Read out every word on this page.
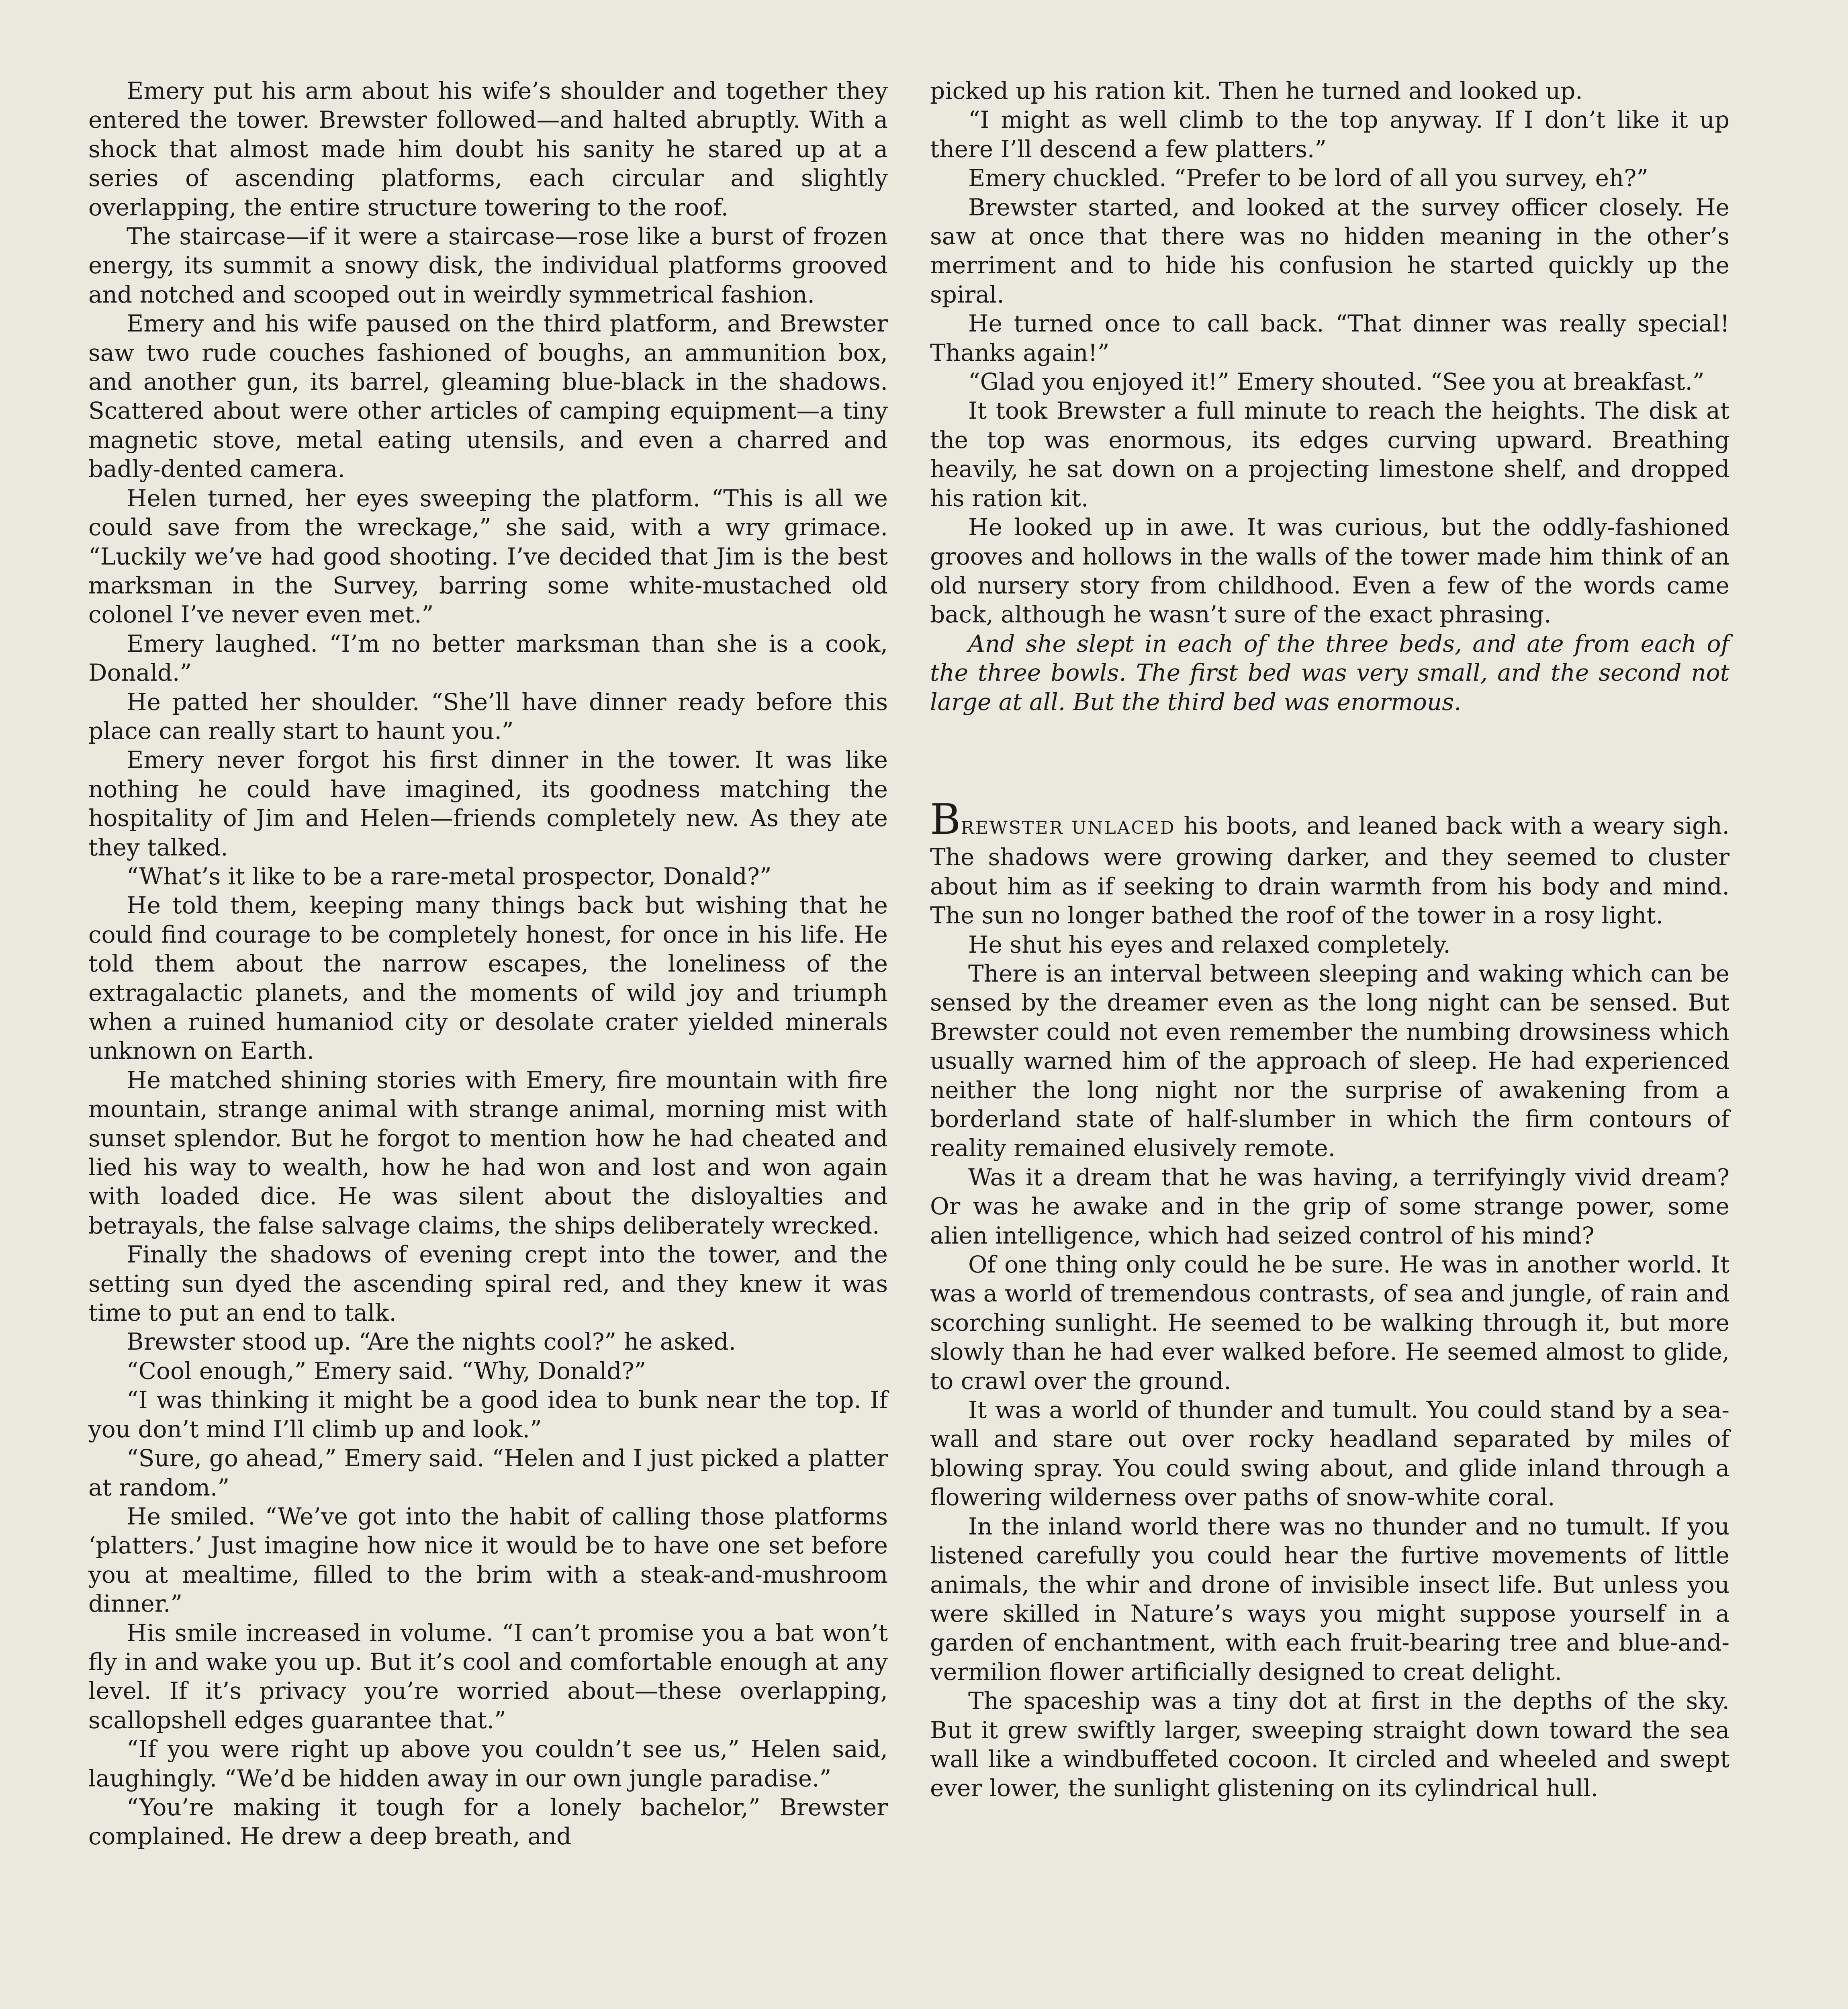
Emery put his arm about his wife’s shoulder and together they entered the tower. Brewster followed—and halted abruptly. With a shock that almost made him doubt his sanity he stared up at a series of ascending platforms, each circular and slightly overlapping, the entire structure towering to the roof.

The staircase—if it were a staircase—rose like a burst of frozen energy, its summit a snowy disk, the individual platforms grooved and notched and scooped out in weirdly symmetrical fashion.

Emery and his wife paused on the third platform, and Brewster saw two rude couches fashioned of boughs, an ammunition box, and another gun, its barrel, gleaming blue-black in the shadows. Scattered about were other articles of camping equipment—a tiny magnetic stove, metal eating utensils, and even a charred and badly-dented camera.

Helen turned, her eyes sweeping the platform. “This is all we could save from the wreckage,” she said, with a wry grimace. “Luckily we’ve had good shooting. I’ve decided that Jim is the best marksman in the Survey, barring some white-mustached old colonel I’ve never even met.”

Emery laughed. “I’m no better marksman than she is a cook, Donald.”

He patted her shoulder. “She’ll have dinner ready before this place can really start to haunt you.”

Emery never forgot his first dinner in the tower. It was like nothing he could have imagined, its goodness matching the hospitality of Jim and Helen—friends completely new. As they ate they talked.

“What’s it like to be a rare-metal prospector, Donald?”

He told them, keeping many things back but wishing that he could find courage to be completely honest, for once in his life. He told them about the narrow escapes, the loneliness of the extragalactic planets, and the moments of wild joy and triumph when a ruined humaniod city or desolate crater yielded minerals unknown on Earth.

He matched shining stories with Emery, fire mountain with fire mountain, strange animal with strange animal, morning mist with sunset splendor. But he forgot to mention how he had cheated and lied his way to wealth, how he had won and lost and won again with loaded dice. He was silent about the disloyalties and betrayals, the false salvage claims, the ships deliberately wrecked.

Finally the shadows of evening crept into the tower, and the setting sun dyed the ascending spiral red, and they knew it was time to put an end to talk.

Brewster stood up. “Are the nights cool?” he asked.

“Cool enough,” Emery said. “Why, Donald?”

“I was thinking it might be a good idea to bunk near the top. If you don’t mind I’ll climb up and look.”

“Sure, go ahead,” Emery said. “Helen and I just picked a platter at random.”

He smiled. “We’ve got into the habit of calling those platforms ‘platters.’ Just imagine how nice it would be to have one set before you at mealtime, filled to the brim with a steak-and-mushroom dinner.”

His smile increased in volume. “I can’t promise you a bat won’t fly in and wake you up. But it’s cool and comfortable enough at any level. If it’s privacy you’re worried about—these overlapping, scallopshell edges guarantee that.”

“If you were right up above you couldn’t see us,” Helen said, laughingly. “We’d be hidden away in our own jungle paradise.”

“You’re making it tough for a lonely bachelor,” Brewster complained. He drew a deep breath, and

picked up his ration kit. Then he turned and looked up.

“I might as well climb to the top anyway. If I don’t like it up there I’ll descend a few platters.”

Emery chuckled. “Prefer to be lord of all you survey, eh?”

Brewster started, and looked at the survey officer closely. He saw at once that there was no hidden meaning in the other’s merriment and to hide his confusion he started quickly up the spiral.

He turned once to call back. “That dinner was really special! Thanks again!”

“Glad you enjoyed it!” Emery shouted. “See you at breakfast.”

It took Brewster a full minute to reach the heights. The disk at the top was enormous, its edges curving upward. Breathing heavily, he sat down on a projecting limestone shelf, and dropped his ration kit.

He looked up in awe. It was curious, but the oddly-fashioned grooves and hollows in the walls of the tower made him think of an old nursery story from childhood. Even a few of the words came back, although he wasn’t sure of the exact phrasing.

And she slept in each of the three beds, and ate from each of the three bowls. The first bed was very small, and the second not large at all. But the third bed was enormous.

BREWSTER UNLACED his boots, and leaned back with a weary sigh. The shadows were growing darker, and they seemed to cluster about him as if seeking to drain warmth from his body and mind. The sun no longer bathed the roof of the tower in a rosy light.

He shut his eyes and relaxed completely.

There is an interval between sleeping and waking which can be sensed by the dreamer even as the long night can be sensed. But Brewster could not even remember the numbing drowsiness which usually warned him of the approach of sleep. He had experienced neither the long night nor the surprise of awakening from a borderland state of half-slumber in which the firm contours of reality remained elusively remote.

Was it a dream that he was having, a terrifyingly vivid dream? Or was he awake and in the grip of some strange power, some alien intelligence, which had seized control of his mind?

Of one thing only could he be sure. He was in another world. It was a world of tremendous contrasts, of sea and jungle, of rain and scorching sunlight. He seemed to be walking through it, but more slowly than he had ever walked before. He seemed almost to glide, to crawl over the ground.

It was a world of thunder and tumult. You could stand by a sea-wall and stare out over rocky headland separated by miles of blowing spray. You could swing about, and glide inland through a flowering wilderness over paths of snow-white coral.

In the inland world there was no thunder and no tumult. If you listened carefully you could hear the furtive movements of little animals, the whir and drone of invisible insect life. But unless you were skilled in Nature’s ways you might suppose yourself in a garden of enchantment, with each fruit-bearing tree and blue-and-vermilion flower artificially designed to creat delight.

The spaceship was a tiny dot at first in the depths of the sky. But it grew swiftly larger, sweeping straight down toward the sea wall like a windbuffeted cocoon. It circled and wheeled and swept ever lower, the sunlight glistening on its cylindrical hull.
